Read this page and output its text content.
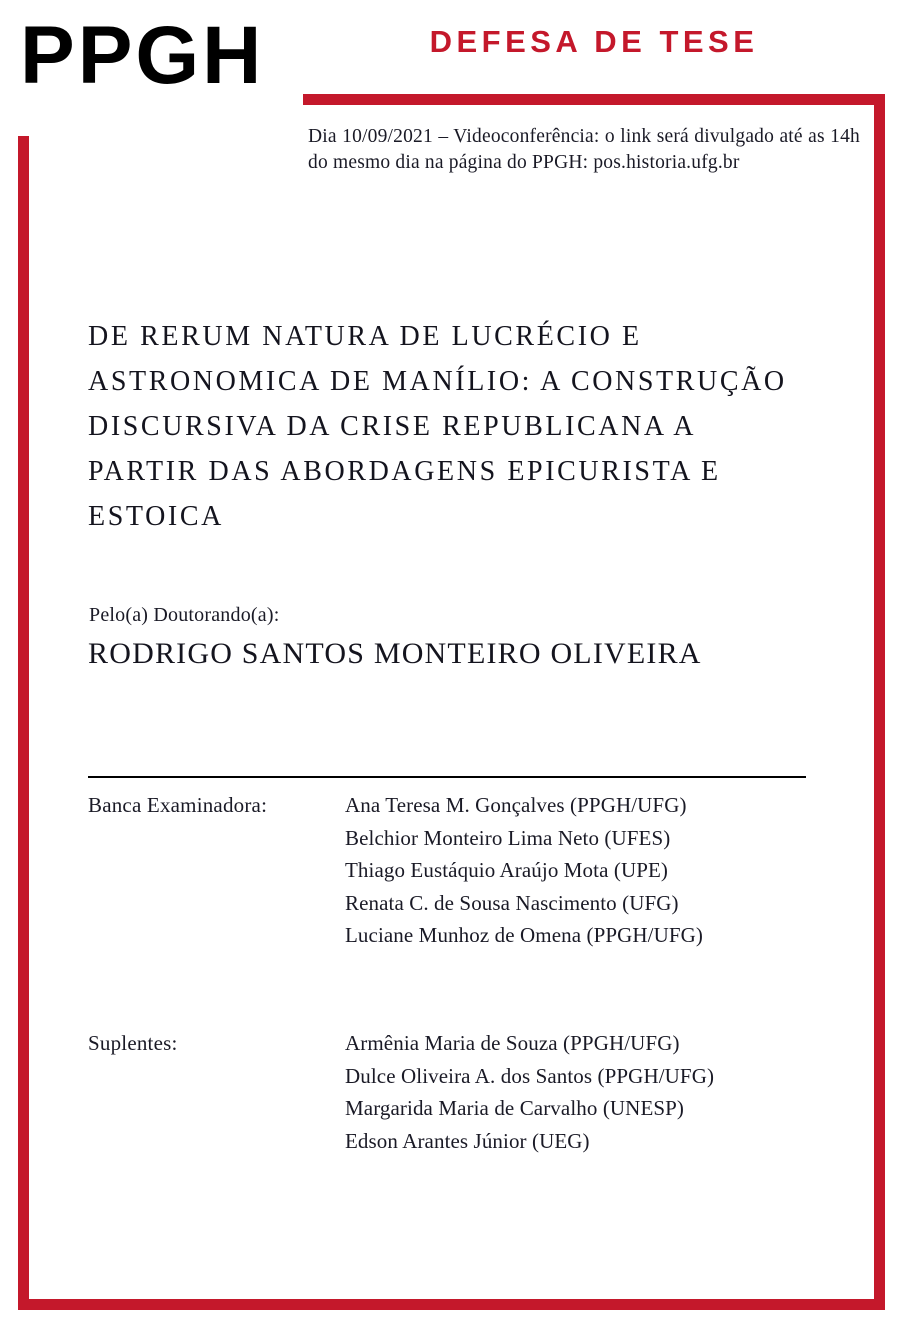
PPGH	DEFESA DE TESE
Dia 10/09/2021 – Videoconferência: o link será divulgado até as 14h do mesmo dia na página do PPGH: pos.historia.ufg.br
DE RERUM NATURA DE LUCRÉCIO E ASTRONOMICA DE MANÍLIO: A CONSTRUÇÃO DISCURSIVA DA CRISE REPUBLICANA A PARTIR DAS ABORDAGENS EPICURISTA E ESTOICA
Pelo(a) Doutorando(a):
RODRIGO SANTOS MONTEIRO OLIVEIRA
Banca Examinadora:	Ana Teresa M. Gonçalves (PPGH/UFG)
Belchior Monteiro Lima Neto (UFES)
Thiago Eustáquio Araújo Mota (UPE)
Renata C. de Sousa Nascimento (UFG)
Luciane Munhoz de Omena (PPGH/UFG)
Suplentes:	Armênia Maria de Souza (PPGH/UFG)
Dulce Oliveira A. dos Santos (PPGH/UFG)
Margarida Maria de Carvalho (UNESP)
Edson Arantes Júnior (UEG)
